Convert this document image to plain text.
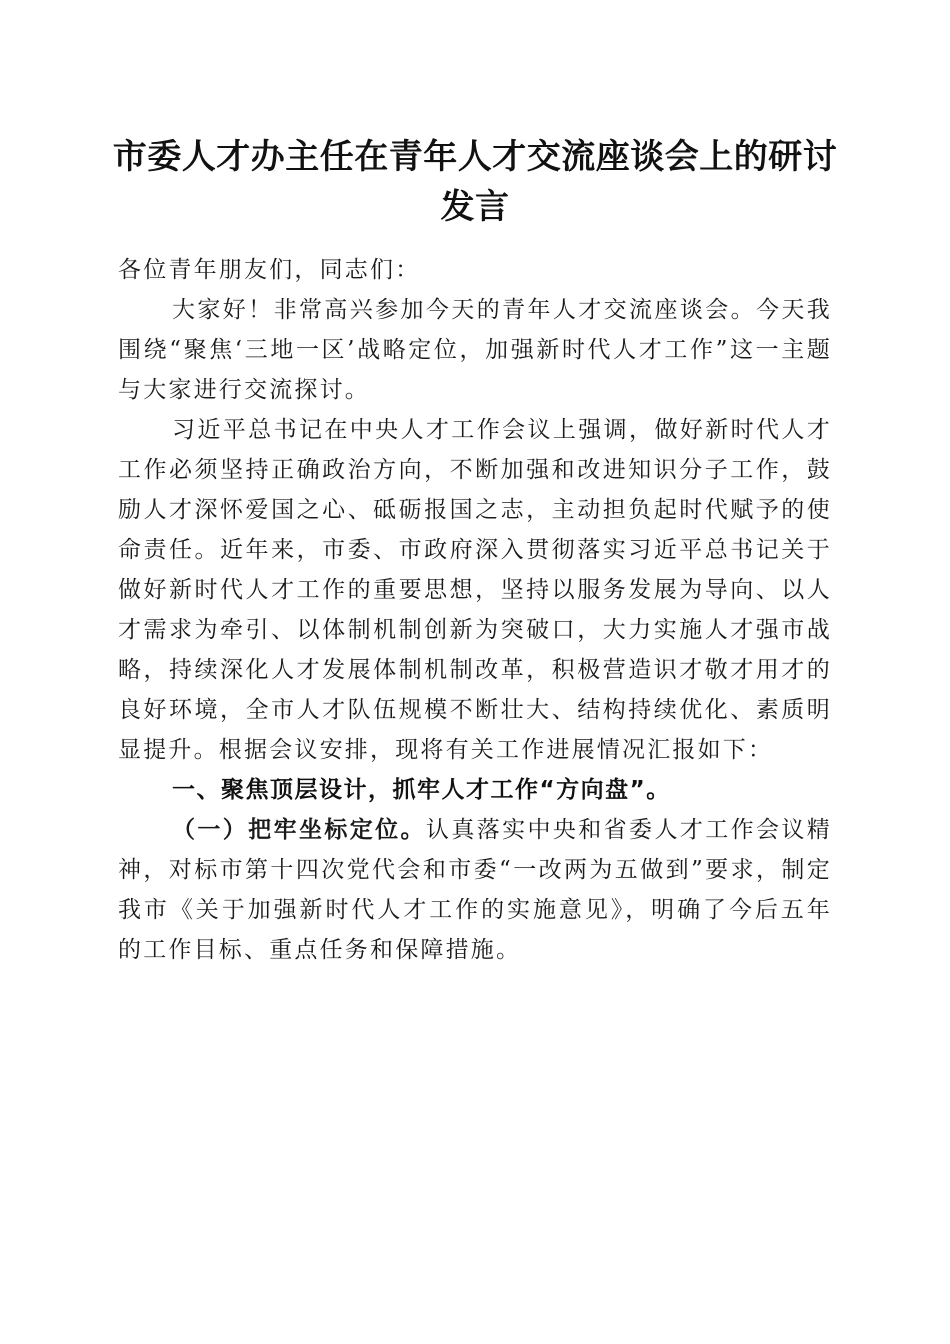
市委人才办主任在青年人才交流座谈会上的研讨发言

各位青年朋友们，同志们：

大家好！非常高兴参加今天的青年人才交流座谈会。今天我围绕“聚焦‘三地一区’战略定位，加强新时代人才工作”这一主题与大家进行交流探讨。

习近平总书记在中央人才工作会议上强调，做好新时代人才工作必须坚持正确政治方向，不断加强和改进知识分子工作，鼓励人才深怀爱国之心、砥砺报国之志，主动担负起时代赋予的使命责任。近年来，市委、市政府深入贯彻落实习近平总书记关于做好新时代人才工作的重要思想，坚持以服务发展为导向、以人才需求为牵引、以体制机制创新为突破口，大力实施人才强市战略，持续深化人才发展体制机制改革，积极营造识才敬才用才的良好环境，全市人才队伍规模不断壮大、结构持续优化、素质明显提升。根据会议安排，现将有关工作进展情况汇报如下：

一、聚焦顶层设计，抓牢人才工作“方向盘”。

（一）把牢坐标定位。认真落实中央和省委人才工作会议精神，对标市第十四次党代会和市委“一改两为五做到”要求，制定我市《关于加强新时代人才工作的实施意见》，明确了今后五年的工作目标、重点任务和保障措施。
